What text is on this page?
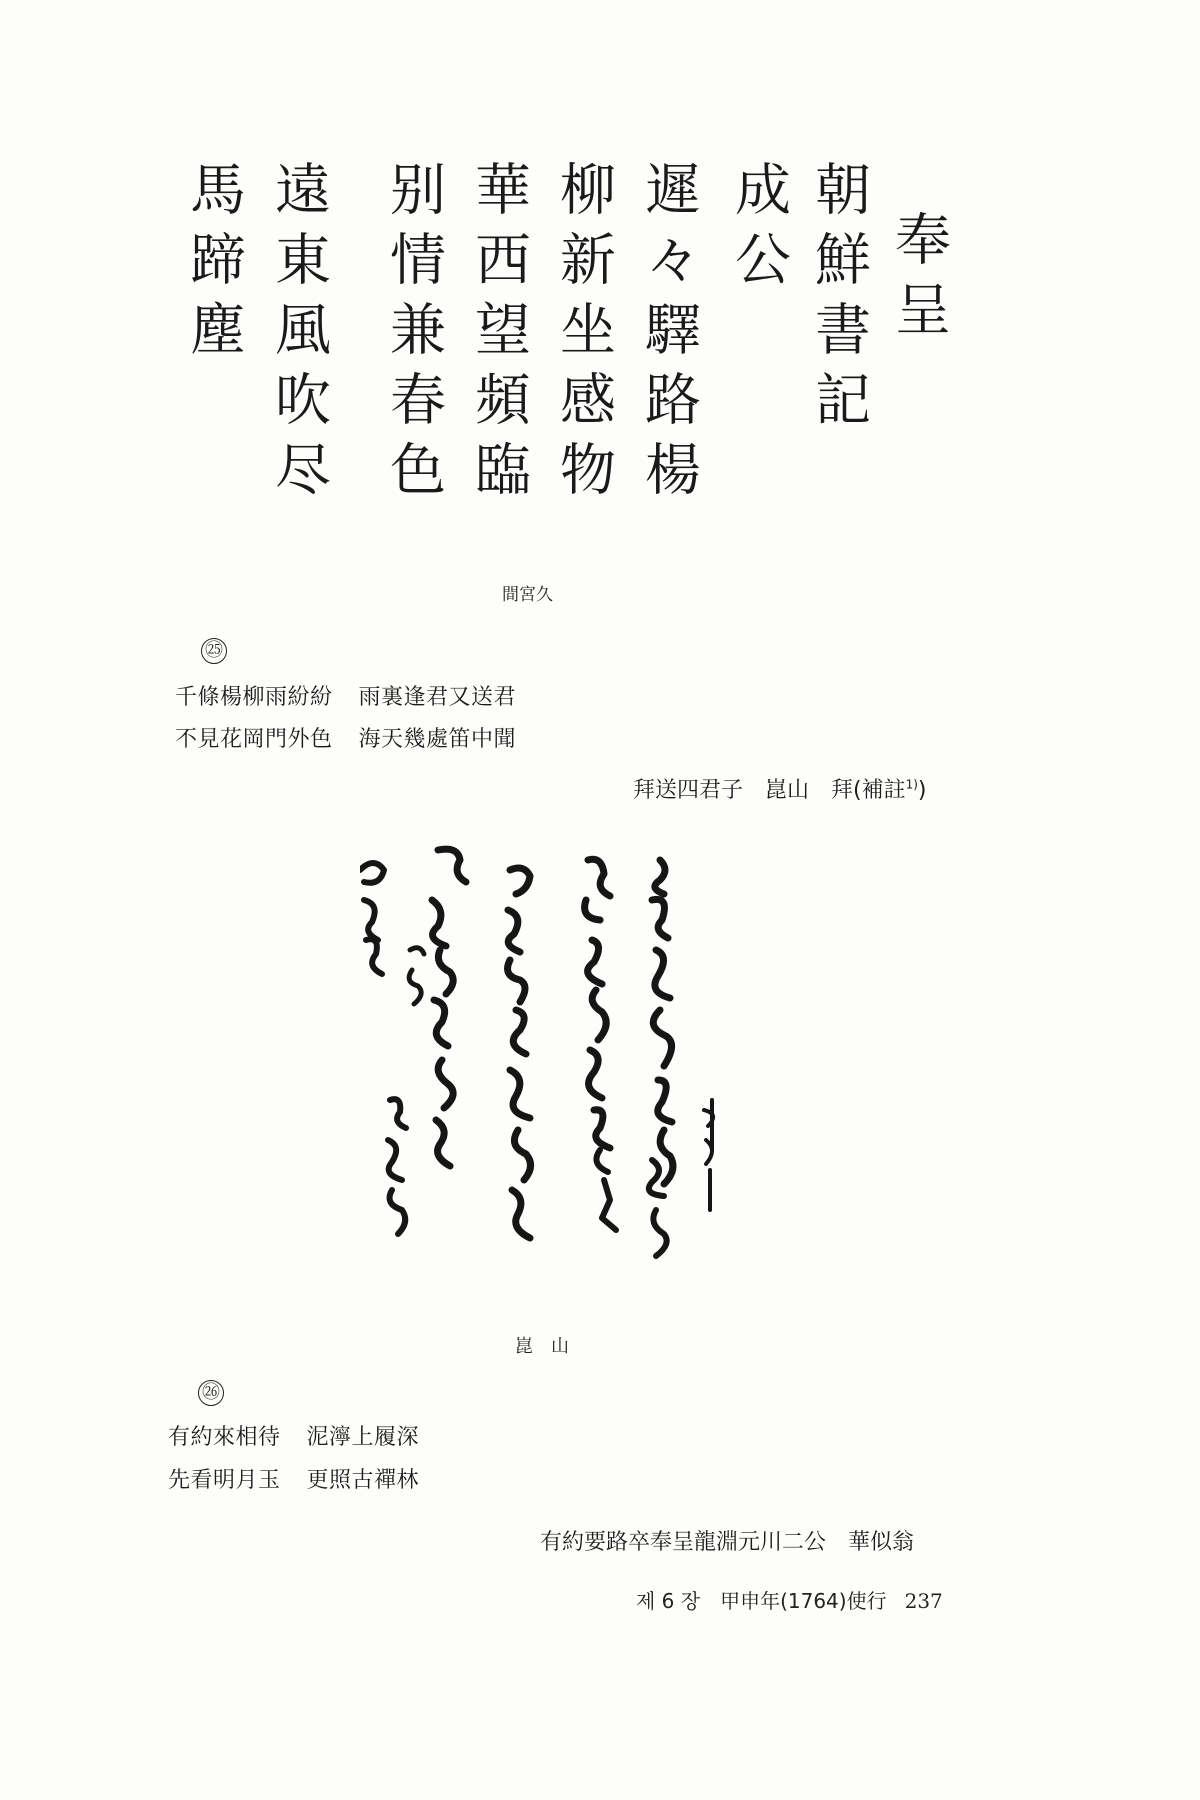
奉呈
朝鮮書記
成公
遲々驛路楊
柳新坐感物
華西望頻臨
别情兼春色
遠東風吹尽
馬蹄塵
間宮久
㉕
千條楊柳雨紛紛 雨裏逢君又送君
不見花岡門外色 海天幾處笛中聞
拜送四君子　崑山　拜(補註$^{1)}$)
崑　山
㉖
有約來相待 泥濘上履深
先看明月玉 更照古禪林
有約要路卒奉呈龍淵元川二公　華似翁
제 6 장　甲申年(1764)使行 237
